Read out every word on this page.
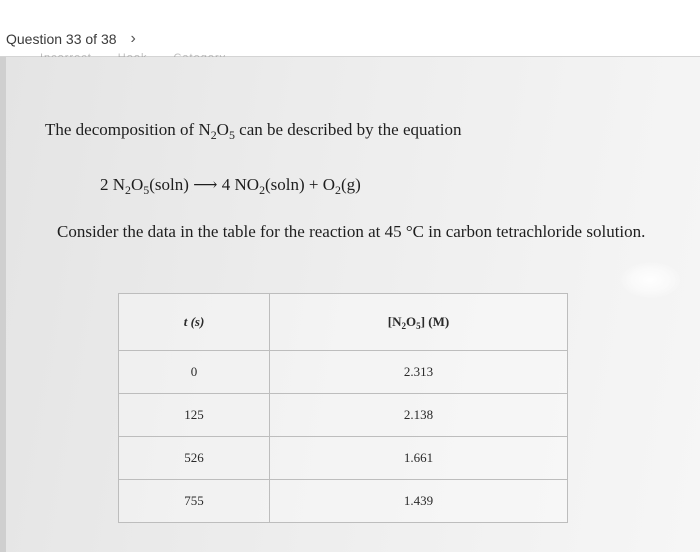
Question 33 of 38 ›
The decomposition of $N_2O_5$ can be described by the equation
2 $N_2O_5(soln)$ ⟶ 4 $NO_2(soln) + O_2(g)$
Consider the data in the table for the reaction at 45 °C in carbon tetrachloride solution.
t (s)	$[N_2O_5]$ (M)
0	2.313
125	2.138
526	1.661
755	1.439
